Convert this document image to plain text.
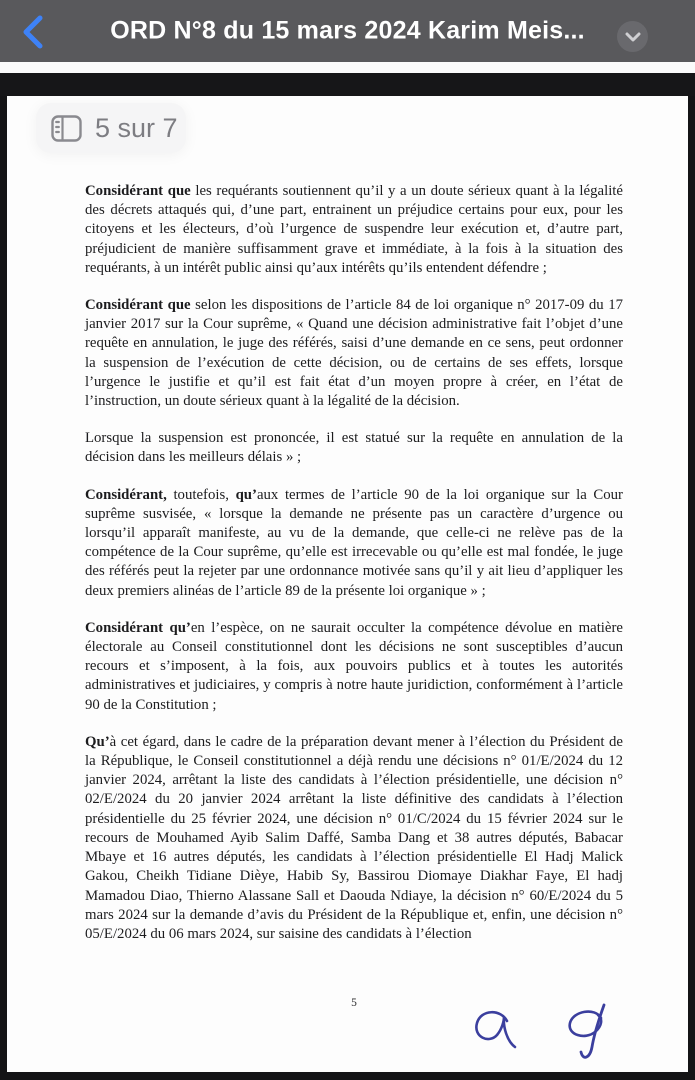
ORD N°8 du 15 mars 2024 Karim Meis...
5 sur 7

Considérant que les requérants soutiennent qu’il y a un doute sérieux quant à la légalité des décrets attaqués qui, d’une part, entrainent un préjudice certains pour eux, pour les citoyens et les électeurs, d’où l’urgence de suspendre leur exécution et, d’autre part, préjudicient de manière suffisamment grave et immédiate, à la fois à la situation des requérants, à un intérêt public ainsi qu’aux intérêts qu’ils entendent défendre ;

Considérant que selon les dispositions de l’article 84 de loi organique n° 2017-09 du 17 janvier 2017 sur la Cour suprême, « Quand une décision administrative fait l’objet d’une requête en annulation, le juge des référés, saisi d’une demande en ce sens, peut ordonner la suspension de l’exécution de cette décision, ou de certains de ses effets, lorsque l’urgence le justifie et qu’il est fait état d’un moyen propre à créer, en l’état de l’instruction, un doute sérieux quant à la légalité de la décision.

Lorsque la suspension est prononcée, il est statué sur la requête en annulation de la décision dans les meilleurs délais » ;

Considérant, toutefois, qu’aux termes de l’article 90 de la loi organique sur la Cour suprême susvisée, « lorsque la demande ne présente pas un caractère d’urgence ou lorsqu’il apparaît manifeste, au vu de la demande, que celle-ci ne relève pas de la compétence de la Cour suprême, qu’elle est irrecevable ou qu’elle est mal fondée, le juge des référés peut la rejeter par une ordonnance motivée sans qu’il y ait lieu d’appliquer les deux premiers alinéas de l’article 89 de la présente loi organique » ;

Considérant qu’en l’espèce, on ne saurait occulter la compétence dévolue en matière électorale au Conseil constitutionnel dont les décisions ne sont susceptibles d’aucun recours et s’imposent, à la fois, aux pouvoirs publics et à toutes les autorités administratives et judiciaires, y compris à notre haute juridiction, conformément à l’article 90 de la Constitution ;

Qu’à cet égard, dans le cadre de la préparation devant mener à l’élection du Président de la République, le Conseil constitutionnel a déjà rendu une décisions n° 01/E/2024 du 12 janvier 2024, arrêtant la liste des candidats à l’élection présidentielle, une décision n° 02/E/2024 du 20 janvier 2024 arrêtant la liste définitive des candidats à l’élection présidentielle du 25 février 2024, une décision n° 01/C/2024 du 15 février 2024 sur le recours de Mouhamed Ayib Salim Daffé, Samba Dang et 38 autres députés, Babacar Mbaye et 16 autres députés, les candidats à l’élection présidentielle El Hadj Malick Gakou, Cheikh Tidiane Dièye, Habib Sy, Bassirou Diomaye Diakhar Faye, El hadj Mamadou Diao, Thierno Alassane Sall et Daouda Ndiaye, la décision n° 60/E/2024 du 5 mars 2024 sur la demande d’avis du Président de la République et, enfin, une décision n° 05/E/2024 du 06 mars 2024, sur saisine des candidats à l’élection

5
